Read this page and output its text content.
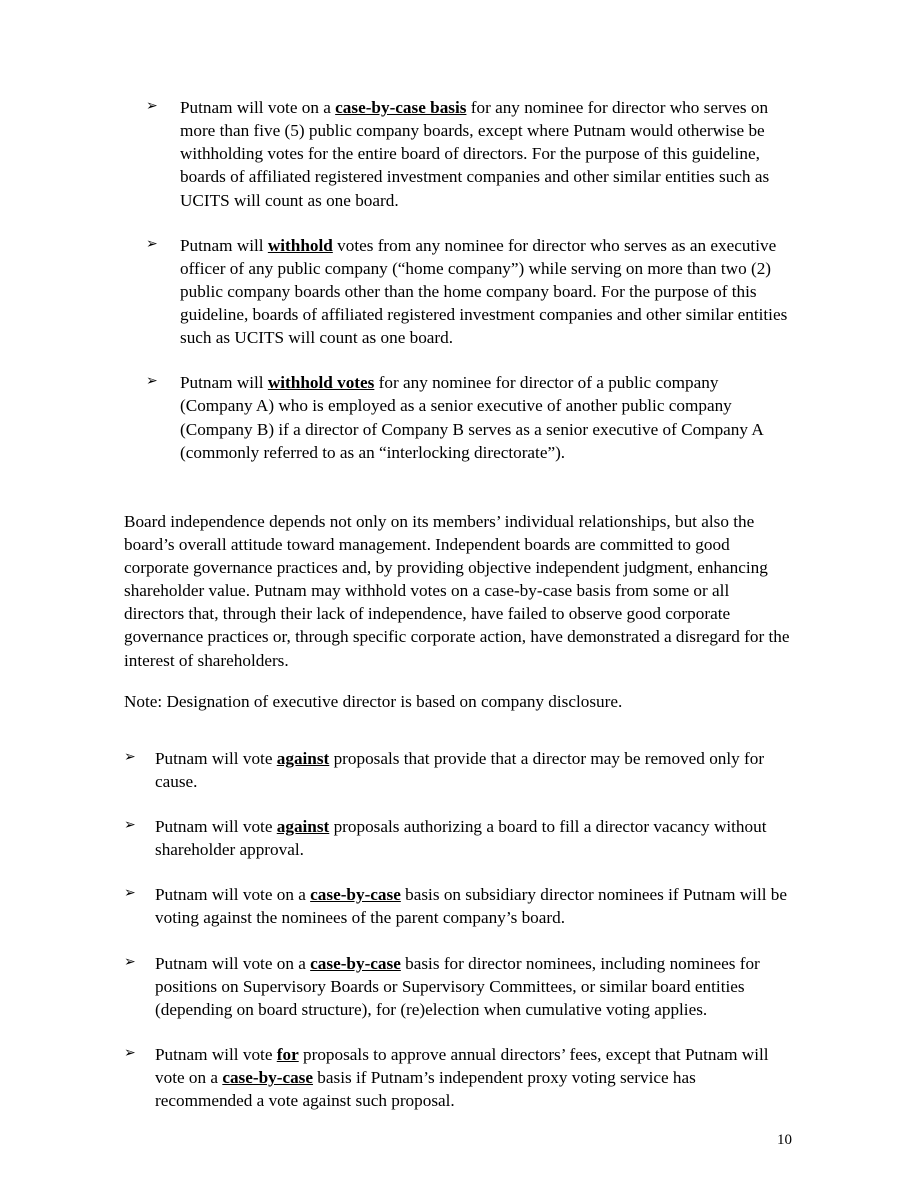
➢ Putnam will vote on a case-by-case basis for any nominee for director who serves on more than five (5) public company boards, except where Putnam would otherwise be withholding votes for the entire board of directors. For the purpose of this guideline, boards of affiliated registered investment companies and other similar entities such as UCITS will count as one board.
➢ Putnam will withhold votes from any nominee for director who serves as an executive officer of any public company (“home company”) while serving on more than two (2) public company boards other than the home company board. For the purpose of this guideline, boards of affiliated registered investment companies and other similar entities such as UCITS will count as one board.
➢ Putnam will withhold votes for any nominee for director of a public company (Company A) who is employed as a senior executive of another public company (Company B) if a director of Company B serves as a senior executive of Company A (commonly referred to as an “interlocking directorate”).

Board independence depends not only on its members’ individual relationships, but also the board’s overall attitude toward management. Independent boards are committed to good corporate governance practices and, by providing objective independent judgment, enhancing shareholder value. Putnam may withhold votes on a case-by-case basis from some or all directors that, through their lack of independence, have failed to observe good corporate governance practices or, through specific corporate action, have demonstrated a disregard for the interest of shareholders.

Note: Designation of executive director is based on company disclosure.

➢ Putnam will vote against proposals that provide that a director may be removed only for cause.
➢ Putnam will vote against proposals authorizing a board to fill a director vacancy without shareholder approval.
➢ Putnam will vote on a case-by-case basis on subsidiary director nominees if Putnam will be voting against the nominees of the parent company’s board.
➢ Putnam will vote on a case-by-case basis for director nominees, including nominees for positions on Supervisory Boards or Supervisory Committees, or similar board entities (depending on board structure), for (re)election when cumulative voting applies.
➢ Putnam will vote for proposals to approve annual directors’ fees, except that Putnam will vote on a case-by-case basis if Putnam’s independent proxy voting service has recommended a vote against such proposal.
10
